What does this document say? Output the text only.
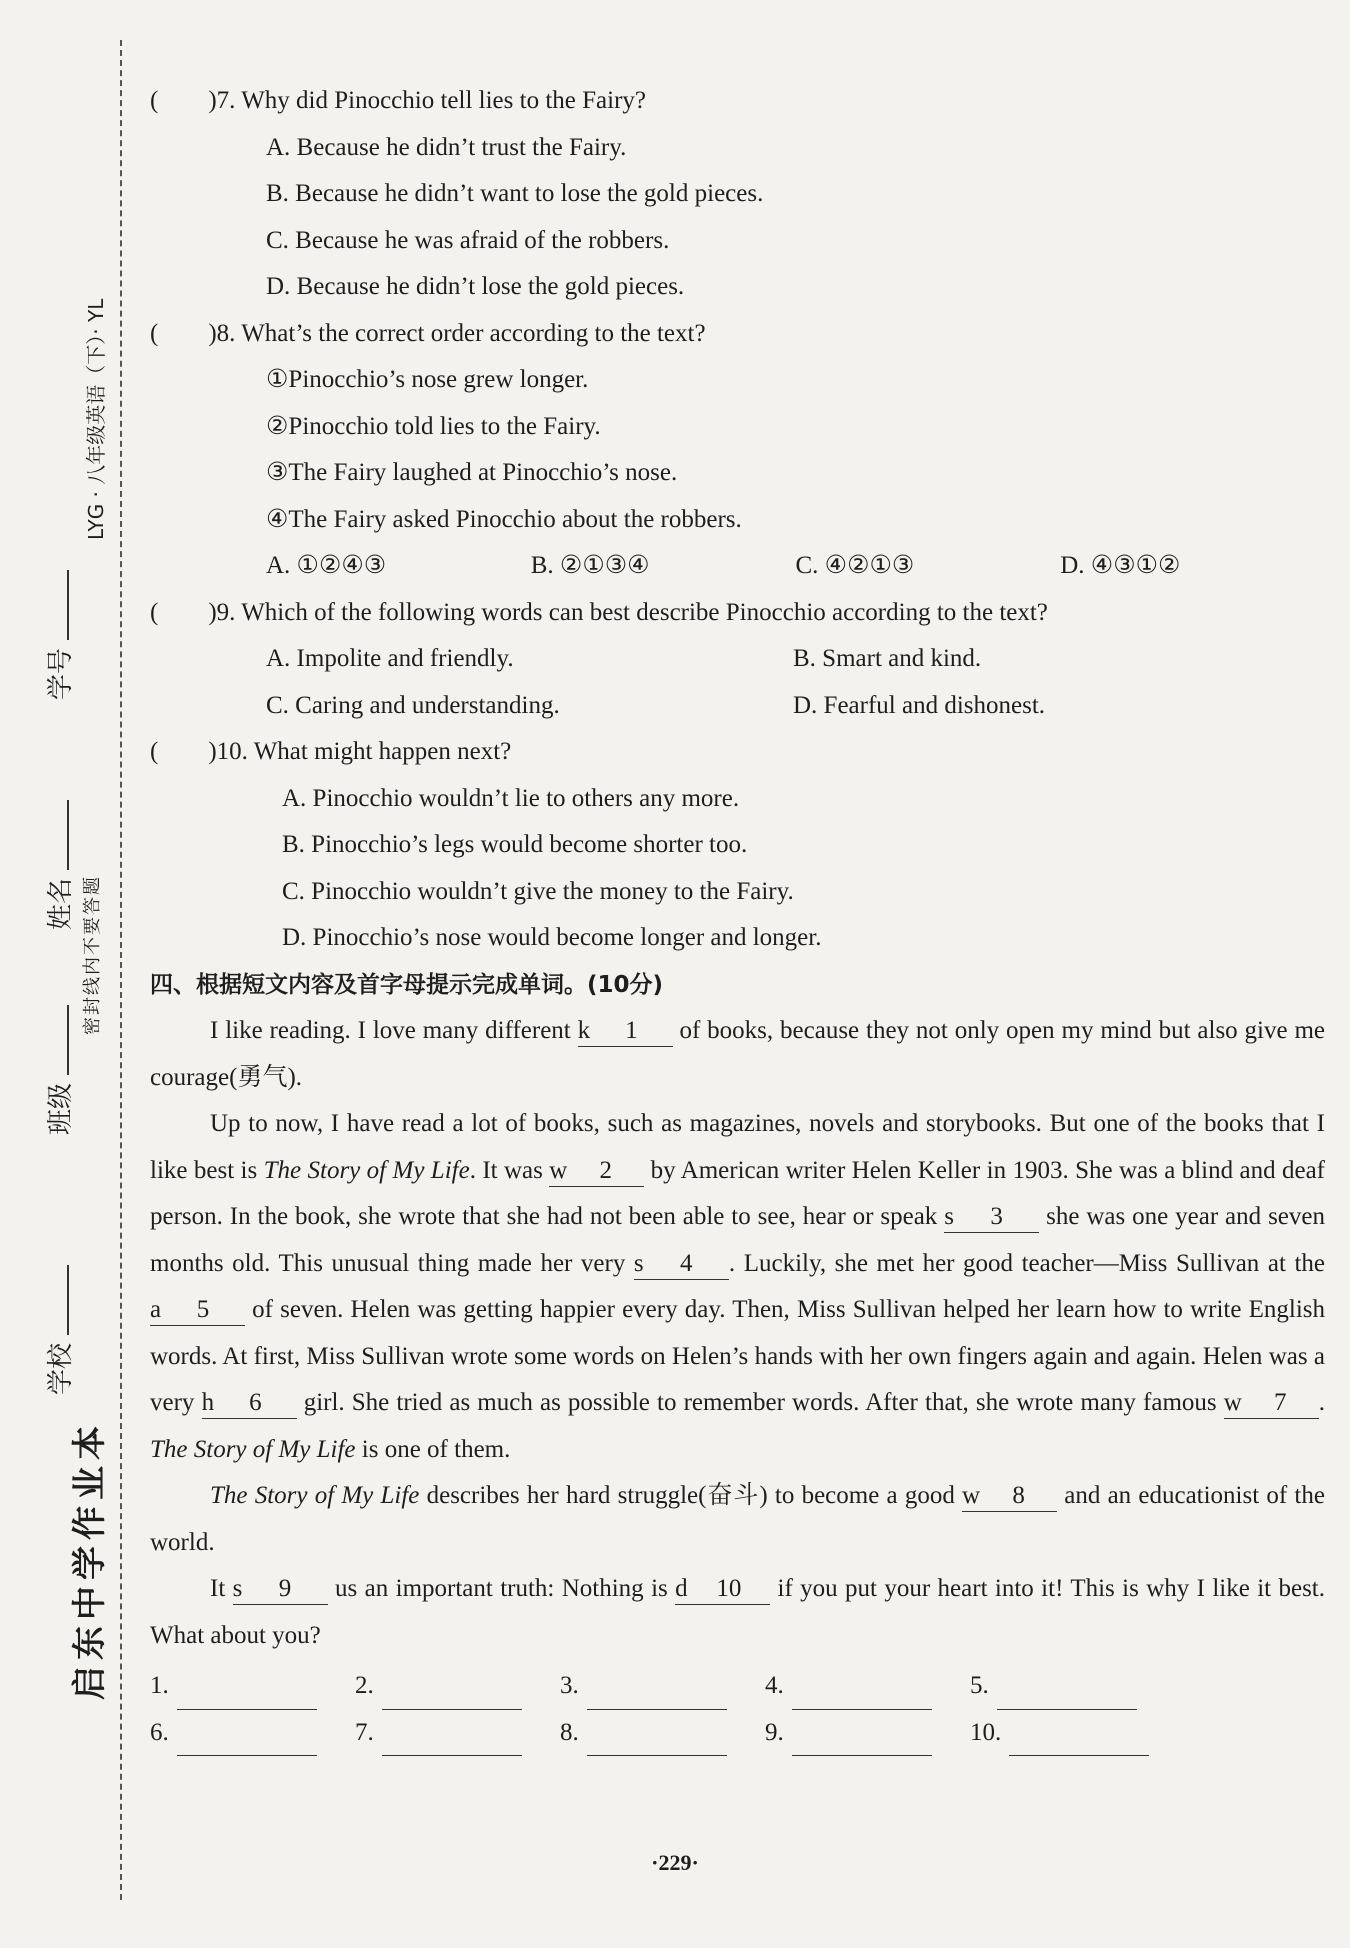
启东中学作业本
学校
班级
姓名
学号
密封线内不要答题
LYG · 八年级英语（下）· YL
(        )7. Why did Pinocchio tell lies to the Fairy?
A. Because he didn’t trust the Fairy.
B. Because he didn’t want to lose the gold pieces.
C. Because he was afraid of the robbers.
D. Because he didn’t lose the gold pieces.
(        )8. What’s the correct order according to the text?
①Pinocchio’s nose grew longer.
②Pinocchio told lies to the Fairy.
③The Fairy laughed at Pinocchio’s nose.
④The Fairy asked Pinocchio about the robbers.
A. ①②④③	B. ②①③④	C. ④②①③	D. ④③①②
(        )9. Which of the following words can best describe Pinocchio according to the text?
A. Impolite and friendly.	B. Smart and kind.
C. Caring and understanding.	D. Fearful and dishonest.
(        )10. What might happen next?
A. Pinocchio wouldn’t lie to others any more.
B. Pinocchio’s legs would become shorter too.
C. Pinocchio wouldn’t give the money to the Fairy.
D. Pinocchio’s nose would become longer and longer.
四、根据短文内容及首字母提示完成单词。(10分)
I like reading. I love many different k 1 of books, because they not only open my mind but also give me courage(勇气).
Up to now, I have read a lot of books, such as magazines, novels and storybooks. But one of the books that I like best is The Story of My Life. It was w 2 by American writer Helen Keller in 1903. She was a blind and deaf person. In the book, she wrote that she had not been able to see, hear or speak s 3 she was one year and seven months old. This unusual thing made her very s 4 . Luckily, she met her good teacher—Miss Sullivan at the
a 5 of seven. Helen was getting happier every day. Then, Miss Sullivan helped her learn how to write English words. At first, Miss Sullivan wrote some words on Helen’s hands with her own fingers again and again. Helen was a very h 6 girl. She tried as much as possible to remember words. After that, she wrote many famous w 7 . The Story of My Life is one of them.
The Story of My Life describes her hard struggle(奋斗) to become a good w 8 and an educationist of the world.
It s 9 us an important truth: Nothing is d 10 if you put your heart into it! This is why I like it best. What about you?
1.	2.	3.	4.	5.
6.	7.	8.	9.	10.
·229·
